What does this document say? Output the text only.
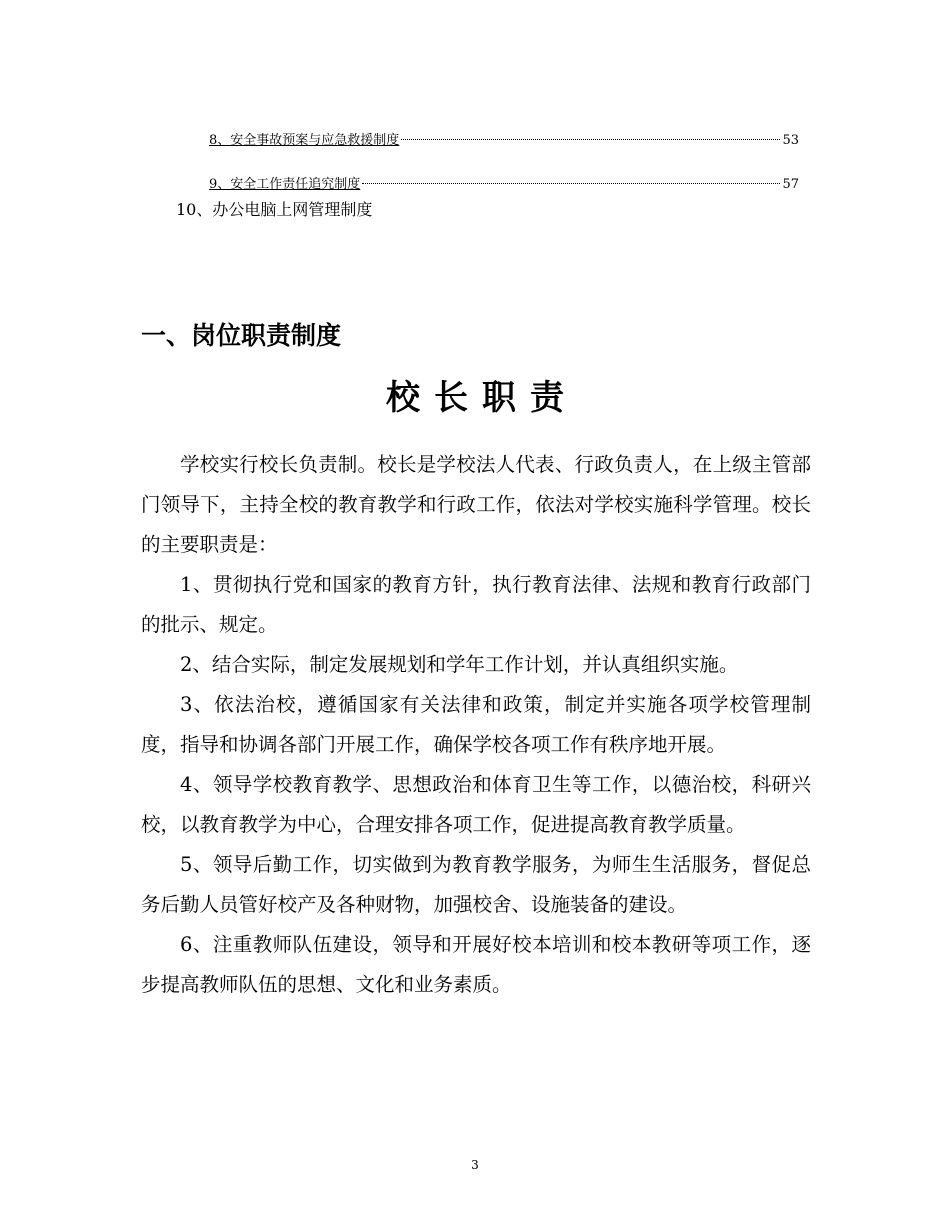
8、安全事故预案与应急救援制度	53
9、安全工作责任追究制度	57
10、办公电脑上网管理制度
一、岗位职责制度
校长职责

学校实行校长负责制。校长是学校法人代表、行政负责人，在上级主管部门领导下，主持全校的教育教学和行政工作，依法对学校实施科学管理。校长的主要职责是：

1、贯彻执行党和国家的教育方针，执行教育法律、法规和教育行政部门的批示、规定。

2、结合实际，制定发展规划和学年工作计划，并认真组织实施。

3、依法治校，遵循国家有关法律和政策，制定并实施各项学校管理制度，指导和协调各部门开展工作，确保学校各项工作有秩序地开展。

4、领导学校教育教学、思想政治和体育卫生等工作，以德治校，科研兴校，以教育教学为中心，合理安排各项工作，促进提高教育教学质量。

5、领导后勤工作，切实做到为教育教学服务，为师生生活服务，督促总务后勤人员管好校产及各种财物，加强校舍、设施装备的建设。

6、注重教师队伍建设，领导和开展好校本培训和校本教研等项工作，逐步提高教师队伍的思想、文化和业务素质。

3
